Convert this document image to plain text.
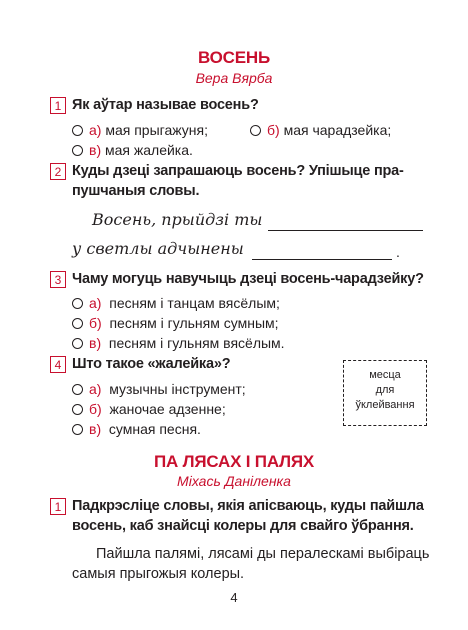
ВОСЕНЬ
Вера Вярба
1 Як аўтар называе восень?
а) мая прыгажуня;	б) мая чарадзейка;
в) мая жалейка.
2 Куды дзеці запрашаюць восень? Упішыце пра-
пушчаныя словы.
Восень, прыйдзі ты
у светлы адчынены	.
3 Чаму могуць навучыць дзеці восень-чарадзейку?
а) песням і танцам вясёлым;
б) песням і гульням сумным;
в) песням і гульням вясёлым.
4 Што такое «жалейка»?
а) музычны інструмент;
б) жаночае адзенне;
в) сумная песня.
месца
для
ўклейвання
ПА ЛЯСАХ І ПАЛЯХ
Міхась Даніленка
1 Падкрэсліце словы, якія апісваюць, куды пайшла
восень, каб знайсці колеры для свайго ўбрання.
Пайшла палямі, лясамі ды пералескамі выбіраць
самыя прыгожыя колеры.
4
